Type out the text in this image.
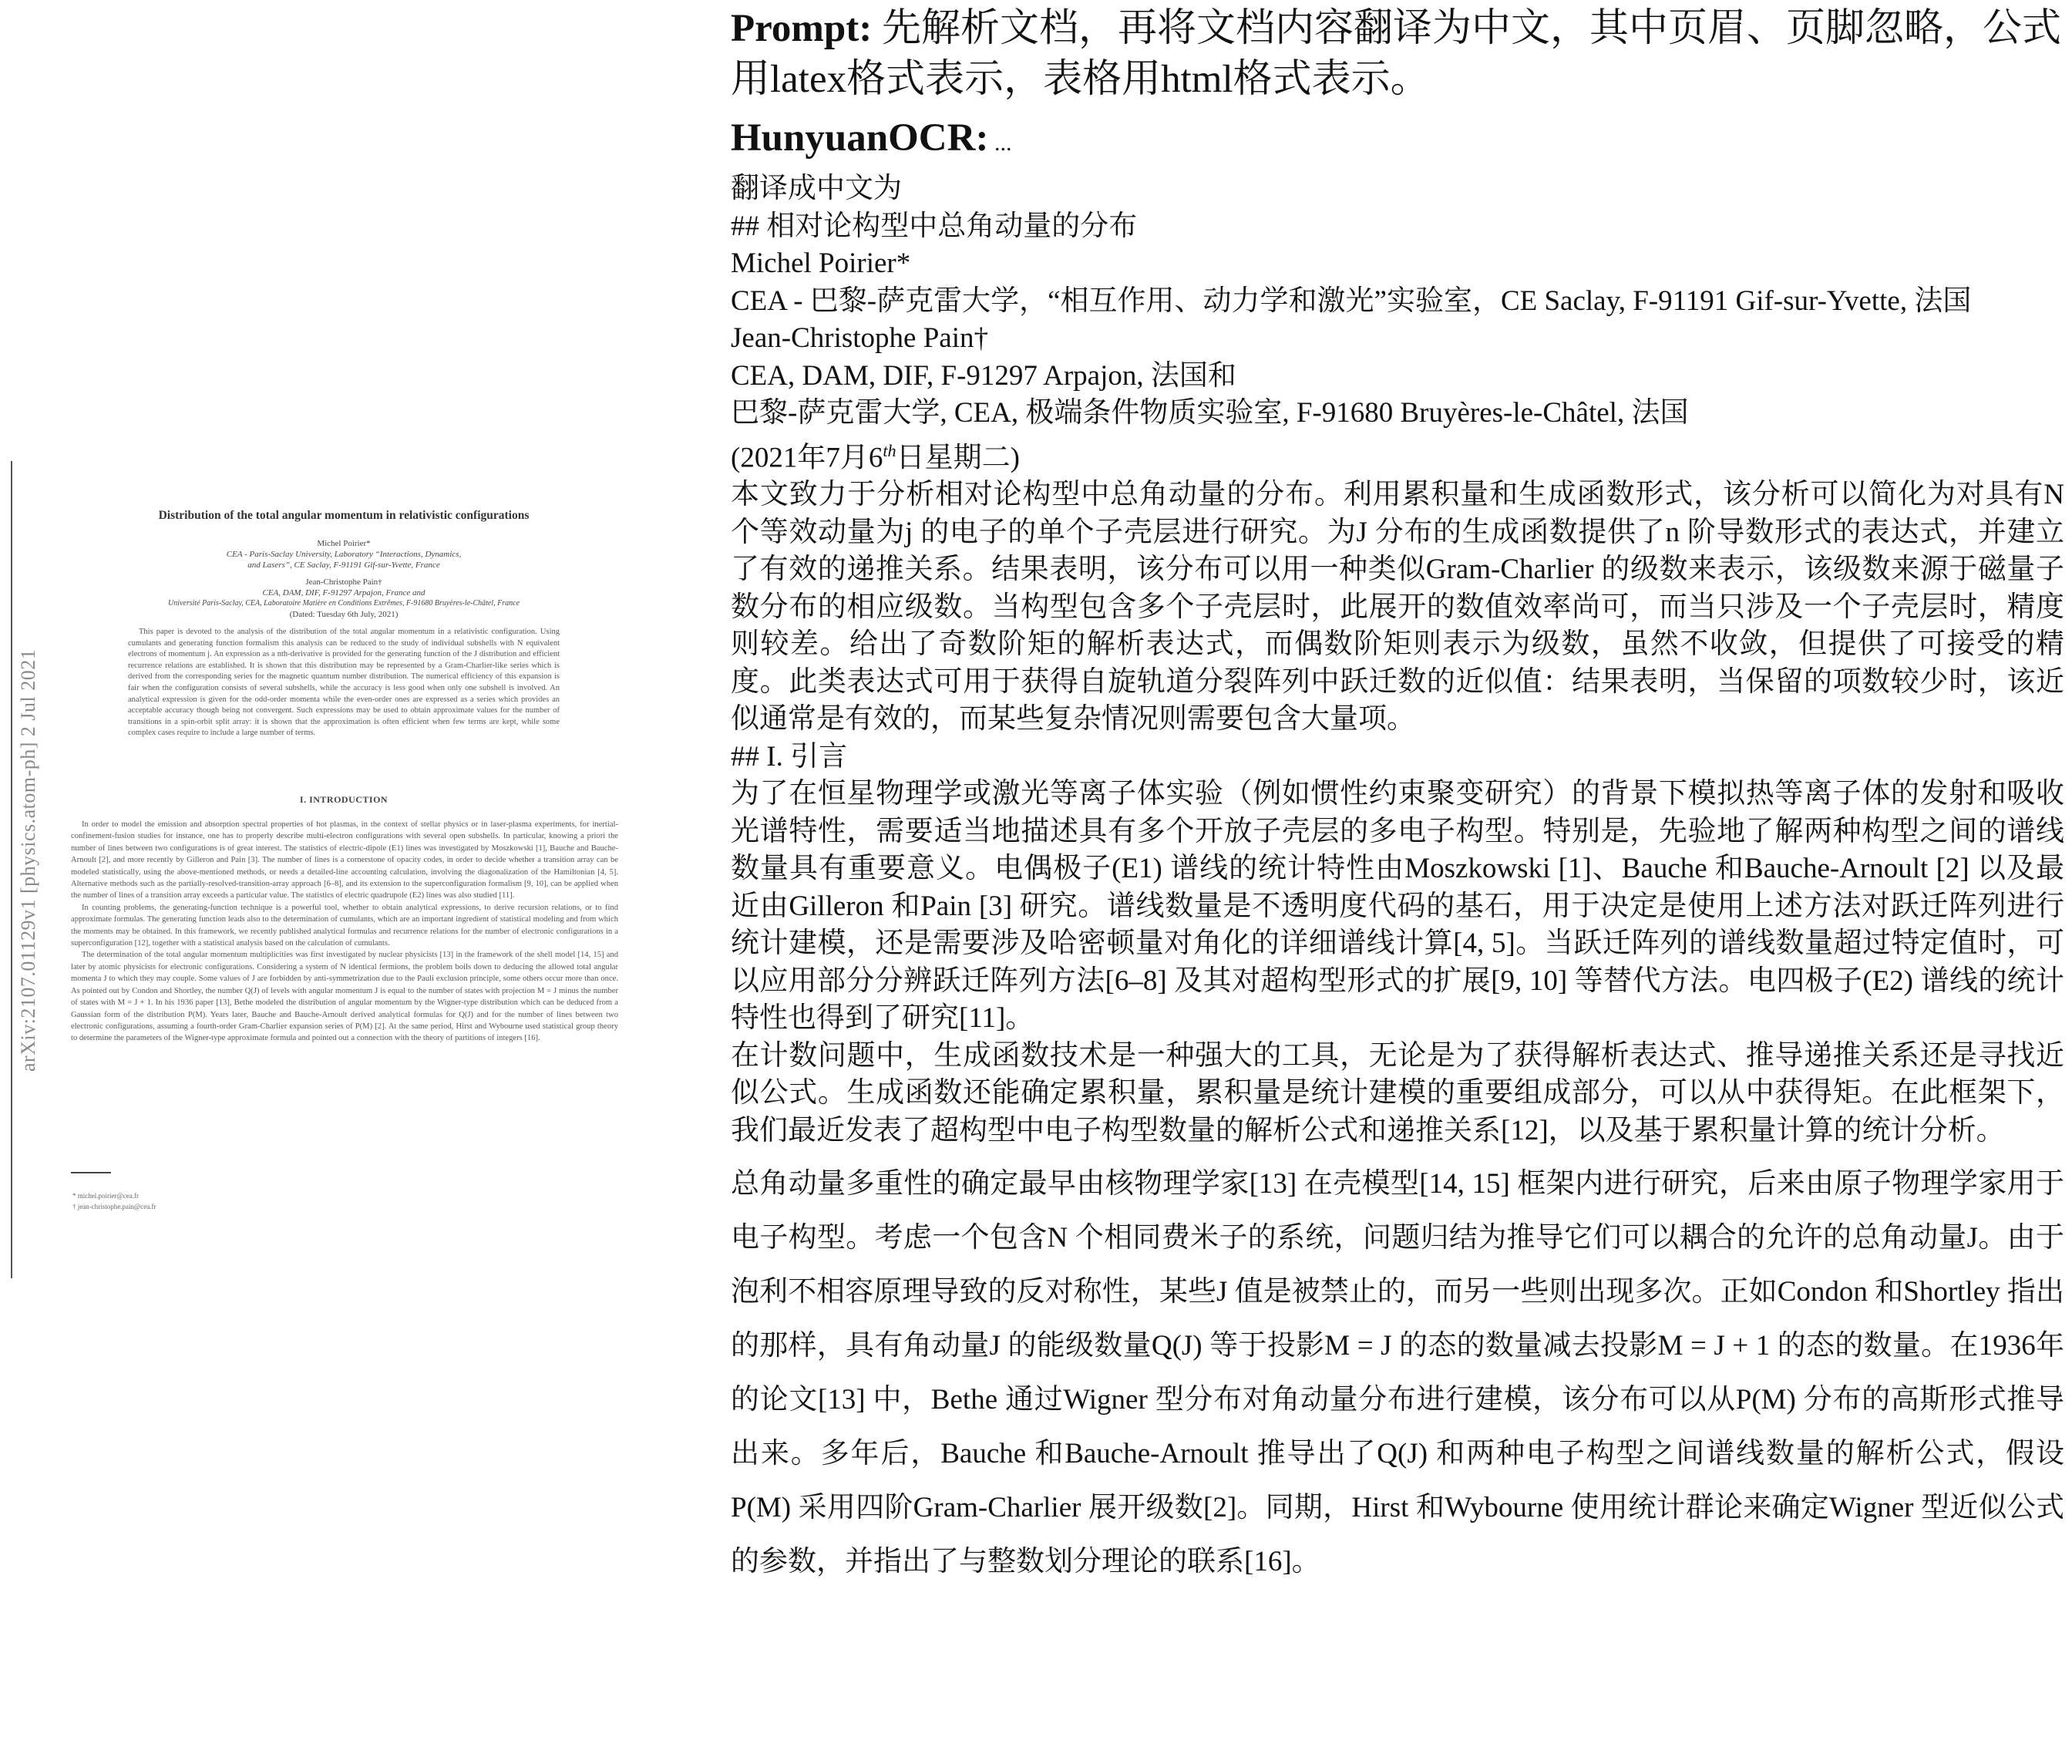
Distribution of the total angular momentum in relativistic configurations
Michel Poirier*
CEA - Paris-Saclay University, Laboratory “Interactions, Dynamics,
and Lasers”, CE Saclay, F-91191 Gif-sur-Yvette, France
Jean-Christophe Pain†
CEA, DAM, DIF, F-91297 Arpajon, France and
Université Paris-Saclay, CEA, Laboratoire Matière en Conditions Extrêmes, F-91680 Bruyères-le-Châtel, France
(Dated: Tuesday 6th July, 2021)
This paper is devoted to the analysis of the distribution of the total angular momentum in a relativistic configuration. Using cumulants and generating function formalism this analysis can be reduced to the study of individual subshells with N equivalent electrons of momentum j. An expression as a nth-derivative is provided for the generating function of the J distribution and efficient recurrence relations are established. It is shown that this distribution may be represented by a Gram-Charlier-like series which is derived from the corresponding series for the magnetic quantum number distribution. The numerical efficiency of this expansion is fair when the configuration consists of several subshells, while the accuracy is less good when only one subshell is involved. An analytical expression is given for the odd-order momenta while the even-order ones are expressed as a series which provides an acceptable accuracy though being not convergent. Such expressions may be used to obtain approximate values for the number of transitions in a spin-orbit split array: it is shown that the approximation is often efficient when few terms are kept, while some complex cases require to include a large number of terms.
I. INTRODUCTION

In order to model the emission and absorption spectral properties of hot plasmas, in the context of stellar physics or in laser-plasma experiments, for inertial-confinement-fusion studies for instance, one has to properly describe multi-electron configurations with several open subshells. In particular, knowing a priori the number of lines between two configurations is of great interest. The statistics of electric-dipole (E1) lines was investigated by Moszkowski [1], Bauche and Bauche-Arnoult [2], and more recently by Gilleron and Pain [3]. The number of lines is a cornerstone of opacity codes, in order to decide whether a transition array can be modeled statistically, using the above-mentioned methods, or needs a detailed-line accounting calculation, involving the diagonalization of the Hamiltonian [4, 5]. Alternative methods such as the partially-resolved-transition-array approach [6–8], and its extension to the superconfiguration formalism [9, 10], can be applied when the number of lines of a transition array exceeds a particular value. The statistics of electric quadrupole (E2) lines was also studied [11].

In counting problems, the generating-function technique is a powerful tool, whether to obtain analytical expressions, to derive recursion relations, or to find approximate formulas. The generating function leads also to the determination of cumulants, which are an important ingredient of statistical modeling and from which the moments may be obtained. In this framework, we recently published analytical formulas and recurrence relations for the number of electronic configurations in a superconfiguration [12], together with a statistical analysis based on the calculation of cumulants.

The determination of the total angular momentum multiplicities was first investigated by nuclear physicists [13] in the framework of the shell model [14, 15] and later by atomic physicists for electronic configurations. Considering a system of N identical fermions, the problem boils down to deducing the allowed total angular momenta J to which they may couple. Some values of J are forbidden by anti-symmetrization due to the Pauli exclusion principle, some others occur more than once. As pointed out by Condon and Shortley, the number Q(J) of levels with angular momentum J is equal to the number of states with projection M = J minus the number of states with M = J + 1. In his 1936 paper [13], Bethe modeled the distribution of angular momentum by the Wigner-type distribution which can be deduced from a Gaussian form of the distribution P(M). Years later, Bauche and Bauche-Arnoult derived analytical formulas for Q(J) and for the number of lines between two electronic configurations, assuming a fourth-order Gram-Charlier expansion series of P(M) [2]. At the same period, Hirst and Wybourne used statistical group theory to determine the parameters of the Wigner-type approximate formula and pointed out a connection with the theory of partitions of integers [16].

* michel.poirier@cea.fr
† jean-christophe.pain@cea.fr
arXiv:2107.01129v1 [physics.atom-ph] 2 Jul 2021

Prompt: 先解析文档，再将文档内容翻译为中文，其中页眉、页脚忽略，公式用latex格式表示，表格用html格式表示。

HunyuanOCR: ...

翻译成中文为
## 相对论构型中总角动量的分布
Michel Poirier*
CEA - 巴黎-萨克雷大学，“相互作用、动力学和激光”实验室，CE Saclay, F-91191 Gif-sur-Yvette, 法国
Jean-Christophe Pain†
CEA, DAM, DIF, F-91297 Arpajon, 法国和
巴黎-萨克雷大学, CEA, 极端条件物质实验室, F-91680 Bruyères-le-Châtel, 法国
(2021年7月6th日星期二)
本文致力于分析相对论构型中总角动量的分布。利用累积量和生成函数形式，该分析可以简化为对具有N 个等效动量为j 的电子的单个子壳层进行研究。为J 分布的生成函数提供了n 阶导数形式的表达式，并建立了有效的递推关系。结果表明，该分布可以用一种类似Gram-Charlier 的级数来表示，该级数来源于磁量子数分布的相应级数。当构型包含多个子壳层时，此展开的数值效率尚可，而当只涉及一个子壳层时，精度则较差。给出了奇数阶矩的解析表达式，而偶数阶矩则表示为级数，虽然不收敛，但提供了可接受的精度。此类表达式可用于获得自旋轨道分裂阵列中跃迁数的近似值：结果表明，当保留的项数较少时，该近似通常是有效的，而某些复杂情况则需要包含大量项。
## I. 引言
为了在恒星物理学或激光等离子体实验（例如惯性约束聚变研究）的背景下模拟热等离子体的发射和吸收光谱特性，需要适当地描述具有多个开放子壳层的多电子构型。特别是，先验地了解两种构型之间的谱线数量具有重要意义。电偶极子(E1) 谱线的统计特性由Moszkowski [1]、Bauche 和Bauche-Arnoult [2] 以及最近由Gilleron 和Pain [3] 研究。谱线数量是不透明度代码的基石，用于决定是使用上述方法对跃迁阵列进行统计建模，还是需要涉及哈密顿量对角化的详细谱线计算[4, 5]。当跃迁阵列的谱线数量超过特定值时，可以应用部分分辨跃迁阵列方法[6–8] 及其对超构型形式的扩展[9, 10] 等替代方法。电四极子(E2) 谱线的统计特性也得到了研究[11]。
在计数问题中，生成函数技术是一种强大的工具，无论是为了获得解析表达式、推导递推关系还是寻找近似公式。生成函数还能确定累积量，累积量是统计建模的重要组成部分，可以从中获得矩。在此框架下，我们最近发表了超构型中电子构型数量的解析公式和递推关系[12]，以及基于累积量计算的统计分析。
总角动量多重性的确定最早由核物理学家[13] 在壳模型[14, 15] 框架内进行研究，后来由原子物理学家用于电子构型。考虑一个包含N 个相同费米子的系统，问题归结为推导它们可以耦合的允许的总角动量J。由于泡利不相容原理导致的反对称性，某些J 值是被禁止的，而另一些则出现多次。正如Condon 和Shortley 指出的那样，具有角动量J 的能级数量Q(J) 等于投影M = J 的态的数量减去投影M = J + 1 的态的数量。在1936年的论文[13] 中，Bethe 通过Wigner 型分布对角动量分布进行建模，该分布可以从P(M) 分布的高斯形式推导出来。多年后，Bauche 和Bauche-Arnoult 推导出了Q(J) 和两种电子构型之间谱线数量的解析公式，假设P(M) 采用四阶Gram-Charlier 展开级数[2]。同期，Hirst 和Wybourne 使用统计群论来确定Wigner 型近似公式的参数，并指出了与整数划分理论的联系[16]。
